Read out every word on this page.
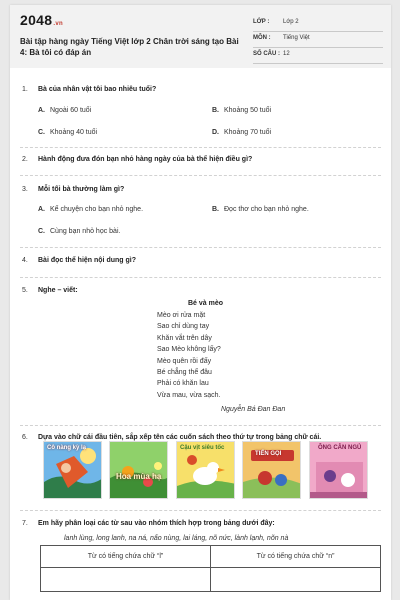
2048.vn
Bài tập hàng ngày Tiếng Việt lớp 2 Chân trời sáng tạo Bài 4: Bà tôi có đáp án
LỚP : Lớp 2
MÔN : Tiếng Việt
SỐ CÂU : 12
1. Bà của nhân vật tôi bao nhiêu tuổi?
A. Ngoài 60 tuổi	B. Khoảng 50 tuổi
C. Khoảng 40 tuổi	D. Khoảng 70 tuổi
2. Hành động đưa đón bạn nhỏ hàng ngày của bà thể hiện điều gì?
3. Mỗi tối bà thường làm gì?
A. Kể chuyện cho bạn nhỏ nghe.	B. Đọc thơ cho bạn nhỏ nghe.
C. Cùng bạn nhỏ học bài.
4. Bài đọc thể hiện nội dung gì?
5. Nghe – viết:
Bé và mèo
Mèo ơi rửa mặt
Sao chỉ dùng tay
Khăn vắt trên dây
Sao Mèo không lấy?
Mèo quên rồi đấy
Bé chẳng thể đâu
Phải có khăn lau
Vừa mau, vừa sạch.
Nguyễn Bá Đan Đan
6. Dựa vào chữ cái đầu tiên, sắp xếp tên các cuốn sách theo thứ tự trong bảng chữ cái.
Cô nàng kỳ lạ
Hoa mùa hạ
Cậu vịt siêu tốc
TIẾN GỌI
ÔNG CÂN NGỦ
7. Em hãy phân loại các từ sau vào nhóm thích hợp trong bảng dưới đây:
lanh lùng, long lanh, na ná, nấo nùng, lai láng, nõ nức, lành lạnh, nõn nà
Từ có tiếng chứa chữ “l”	Từ có tiếng chứa chữ “n”
